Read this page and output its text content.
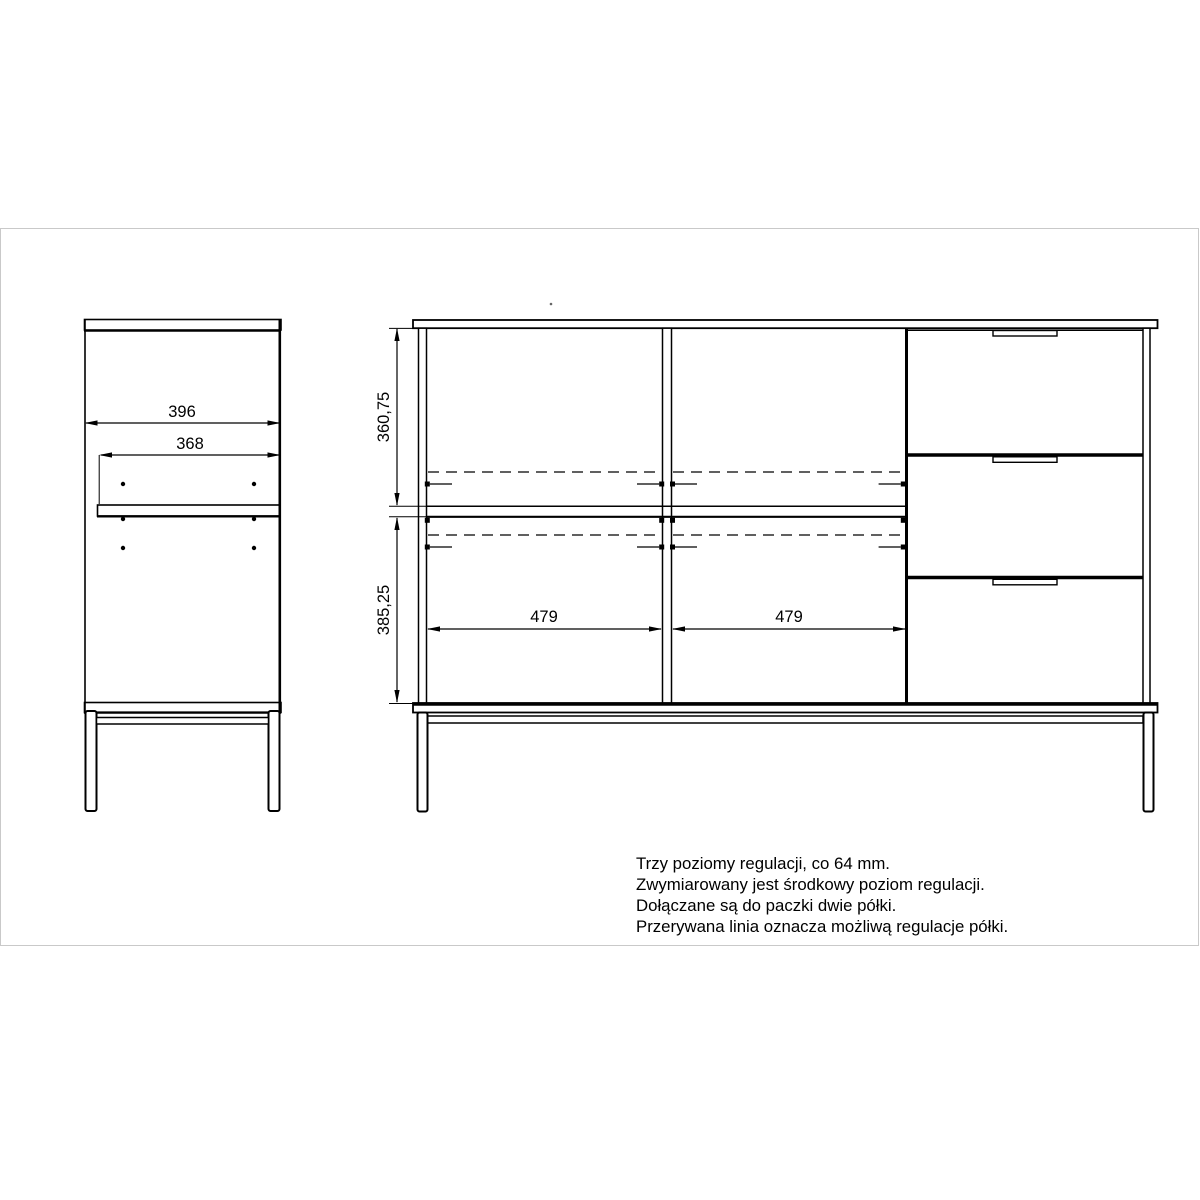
396
368
360,75
385,25	479	479
Trzy poziomy regulacji, co 64 mm.
Zwymiarowany jest środkowy poziom regulacji.
Dołączane są do paczki dwie półki.
Przerywana linia oznacza możliwą regulacje półki.
